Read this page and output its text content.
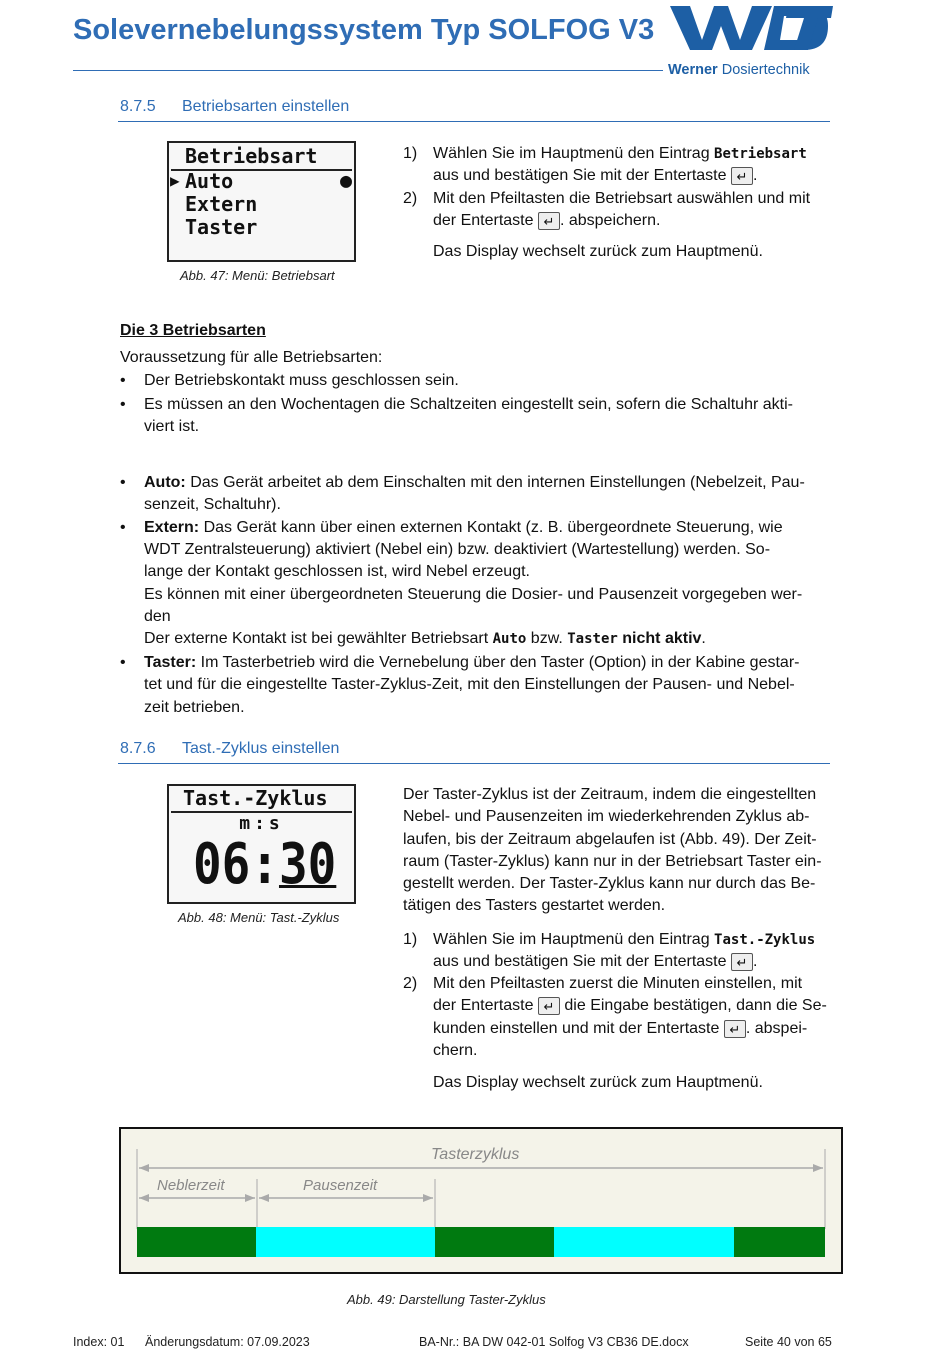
Solevernebelungssystem Typ SOLFOG V3
Werner Dosiertechnik
8.7.5 Betriebsarten einstellen
Betriebsart
▶ Auto	●
Extern
Taster
Abb. 47: Menü: Betriebsart
1) Wählen Sie im Hauptmenü den Eintrag Betriebsart
aus und bestätigen Sie mit der Entertaste ↵ .
2) Mit den Pfeiltasten die Betriebsart auswählen und mit
der Entertaste ↵ . abspeichern.
Das Display wechselt zurück zum Hauptmenü.
Die 3 Betriebsarten
Voraussetzung für alle Betriebsarten:
• Der Betriebskontakt muss geschlossen sein.
• Es müssen an den Wochentagen die Schaltzeiten eingestellt sein, sofern die Schaltuhr akti-
viert ist.
• Auto: Das Gerät arbeitet ab dem Einschalten mit den internen Einstellungen (Nebelzeit, Pau-
senzeit, Schaltuhr).
• Extern: Das Gerät kann über einen externen Kontakt (z. B. übergeordnete Steuerung, wie
WDT Zentralsteuerung) aktiviert (Nebel ein) bzw. deaktiviert (Wartestellung) werden. So-
lange der Kontakt geschlossen ist, wird Nebel erzeugt.
Es können mit einer übergeordneten Steuerung die Dosier- und Pausenzeit vorgegeben wer-
den
Der externe Kontakt ist bei gewählter Betriebsart Auto bzw. Taster nicht aktiv.
• Taster: Im Tasterbetrieb wird die Vernebelung über den Taster (Option) in der Kabine gestar-
tet und für die eingestellte Taster-Zyklus-Zeit, mit den Einstellungen der Pausen- und Nebel-
zeit betrieben.
8.7.6 Tast.-Zyklus einstellen
Tast.-Zyklus
m:s
06:30
Abb. 48: Menü: Tast.-Zyklus
Der Taster-Zyklus ist der Zeitraum, indem die eingestellten
Nebel- und Pausenzeiten im wiederkehrenden Zyklus ab-
laufen, bis der Zeitraum abgelaufen ist (Abb. 49). Der Zeit-
raum (Taster-Zyklus) kann nur in der Betriebsart Taster ein-
gestellt werden. Der Taster-Zyklus kann nur durch das Be-
tätigen des Tasters gestartet werden.
1) Wählen Sie im Hauptmenü den Eintrag Tast.-Zyklus
aus und bestätigen Sie mit der Entertaste ↵ .
2) Mit den Pfeiltasten zuerst die Minuten einstellen, mit
der Entertaste ↵ die Eingabe bestätigen, dann die Se-
kunden einstellen und mit der Entertaste ↵ . abspei-
chern.
Das Display wechselt zurück zum Hauptmenü.
Tasterzyklus
Neblerzeit	Pausenzeit
Abb. 49: Darstellung Taster-Zyklus
Index: 01 Änderungsdatum: 07.09.2023	BA-Nr.: BA DW 042-01 Solfog V3 CB36 DE.docx	Seite 40 von 65
